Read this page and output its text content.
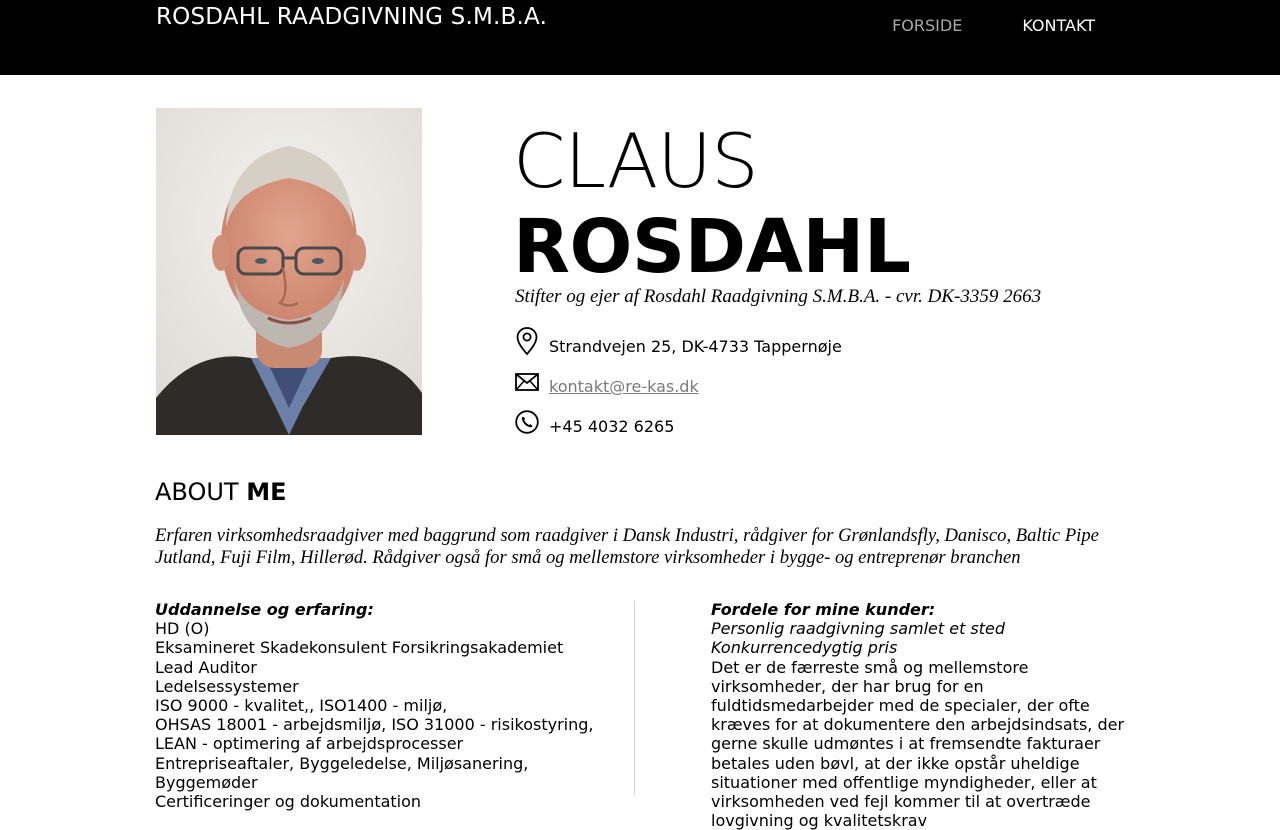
ROSDAHL RAADGIVNING S.M.B.A.	FORSIDE	KONTAKT
CLAUS
ROSDAHL
Stifter og ejer af Rosdahl Raadgivning S.M.B.A. - cvr. DK-3359 2663
Strandvejen 25, DK-4733 Tappernøje
kontakt@re-kas.dk
+45 4032 6265
ABOUT ME
Erfaren virksomhedsraadgiver med baggrund som raadgiver i Dansk Industri, rådgiver for Grønlandsfly, Danisco, Baltic Pipe Jutland, Fuji Film, Hillerød. Rådgiver også for små og mellemstore virksomheder i bygge- og entreprenør branchen
Uddannelse og erfaring:
HD (O)
Eksamineret Skadekonsulent Forsikringsakademiet
Lead Auditor
Ledelsessystemer
ISO 9000 - kvalitet,, ISO1400 - miljø,
OHSAS 18001 - arbejdsmiljø, ISO 31000 - risikostyring,
LEAN - optimering af arbejdsprocesser
Entrepriseaftaler, Byggeledelse, Miljøsanering,
Byggemøder
Certificeringer og dokumentation
Fordele for mine kunder:
Personlig raadgivning samlet et sted
Konkurrencedygtig pris

Det er de færreste små og mellemstore virksomheder, der har brug for en fuldtidsmedarbejder med de specialer, der ofte kræves for at dokumentere den arbejdsindsats, der gerne skulle udmøntes i at fremsendte fakturaer betales uden bøvl, at der ikke opstår uheldige situationer med offentlige myndigheder, eller at virksomheden ved fejl kommer til at overtræde lovgivning og kvalitetskrav
